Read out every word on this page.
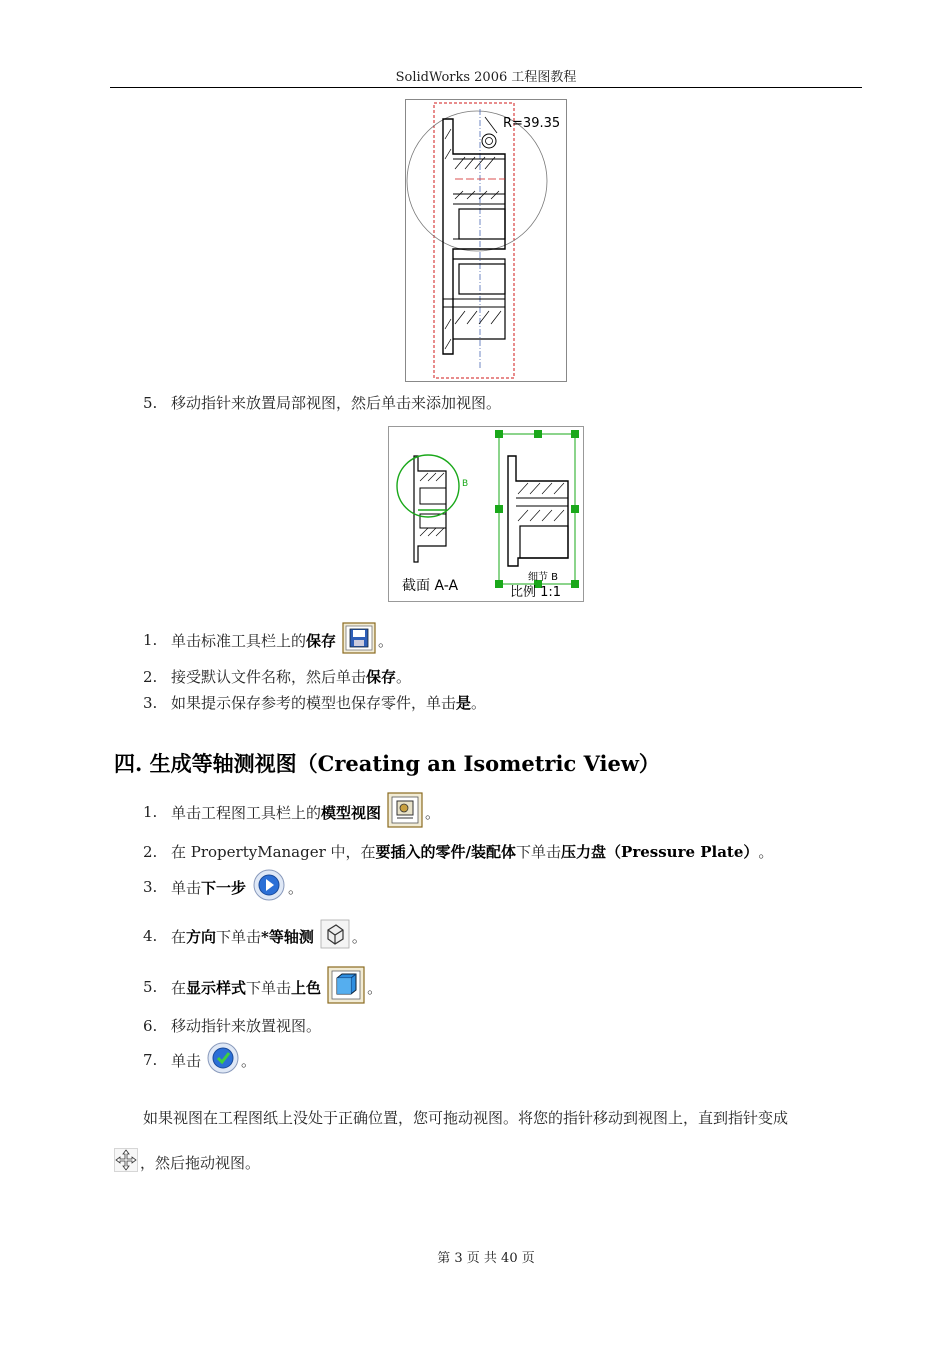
SolidWorks 2006 工程图教程
R=39.35
5. 移动指针来放置局部视图，然后单击来添加视图。
B
截面 A-A
细节 B
比例 1:1
1. 单击标准工具栏上的 保存	。
2. 接受默认文件名称，然后单击 保存 。
3. 如果提示保存参考的模型也保存零件，单击 是 。
四. 生成等轴测视图（Creating an Isometric View）
1. 单击工程图工具栏上的 模型视图	。
2. 在 PropertyManager 中，在 要插入的零件/装配体 下单击 压力盘（Pressure Plate） 。
3. 单击 下一步	。
4. 在 方向 下单击 *等轴测	。
5. 在 显示样式 下单击 上色	。
6. 移动指针来放置视图。
7. 单击	。
如果视图在工程图纸上没处于正确位置，您可拖动视图。将您的指针移动到视图上，直到指针变成
，然后拖动视图。
第 3 页 共 40 页
